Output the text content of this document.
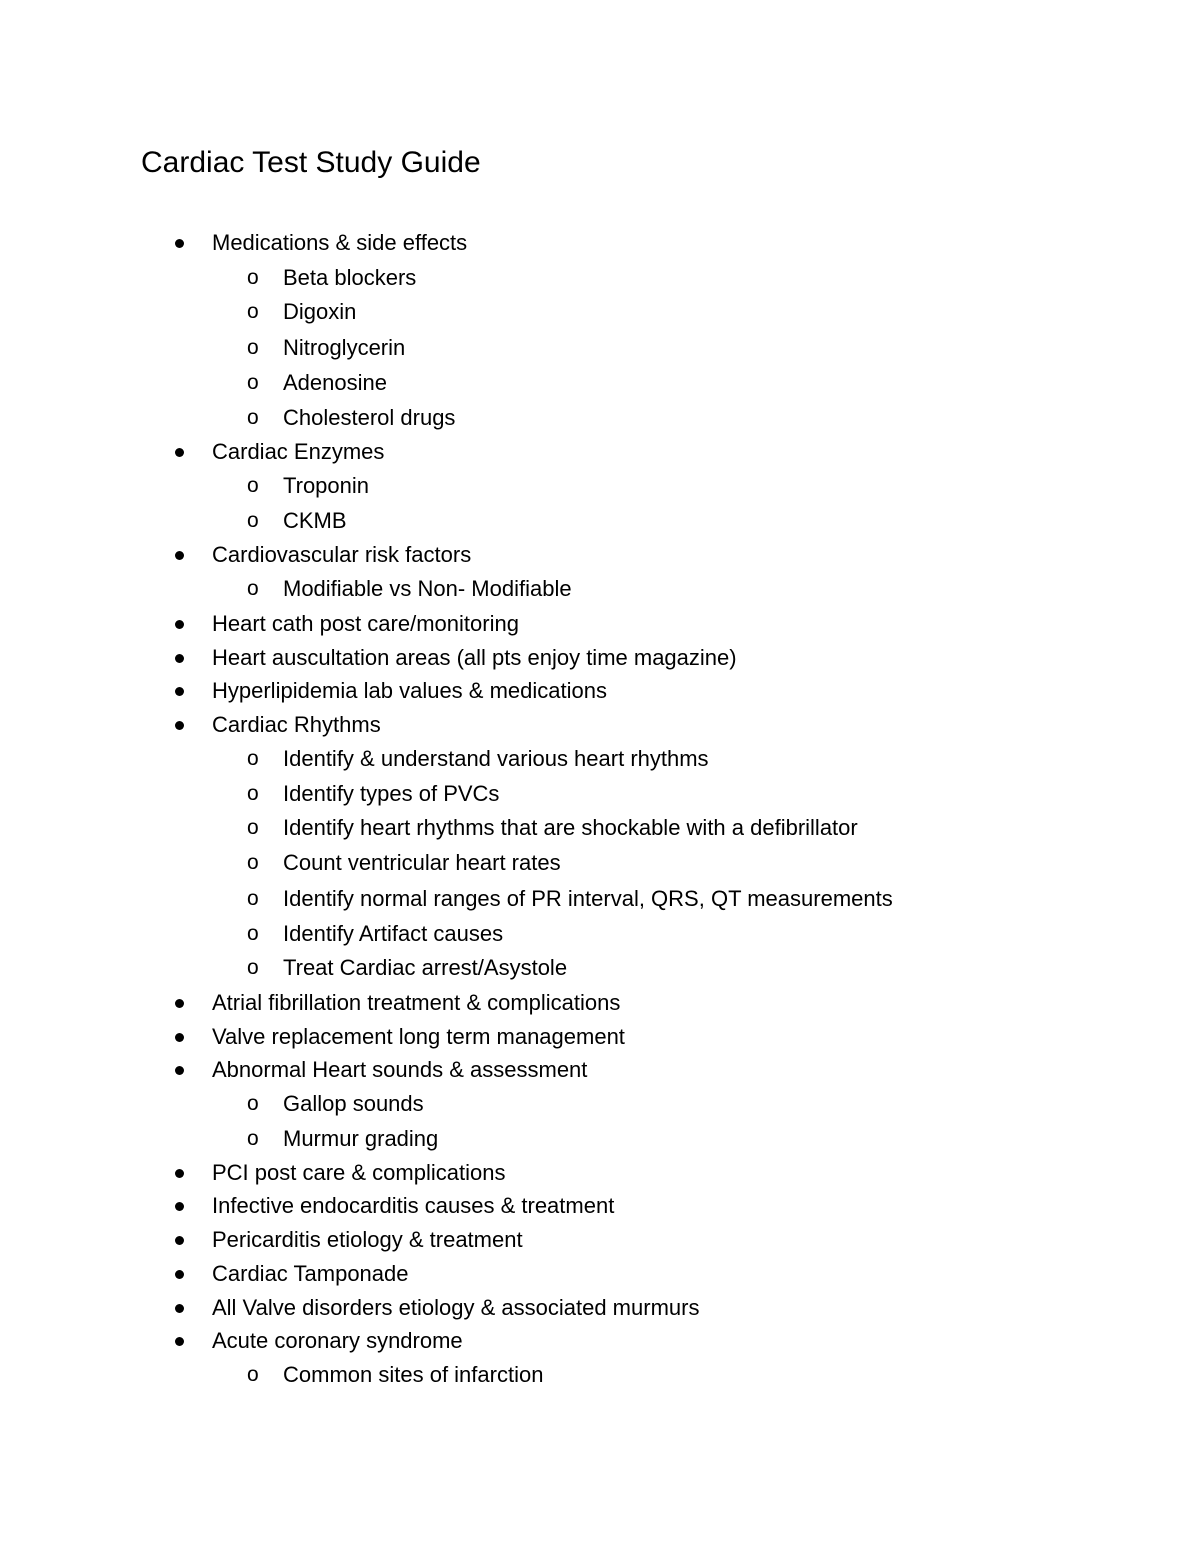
Cardiac Test Study Guide
Medications & side effects
o Beta blockers
o Digoxin
o Nitroglycerin
o Adenosine
o Cholesterol drugs
Cardiac Enzymes
o Troponin
o CKMB
Cardiovascular risk factors
o Modifiable vs Non- Modifiable
Heart cath post care/monitoring
Heart auscultation areas (all pts enjoy time magazine)
Hyperlipidemia lab values & medications
Cardiac Rhythms
o Identify & understand various heart rhythms
o Identify types of PVCs
o Identify heart rhythms that are shockable with a defibrillator
o Count ventricular heart rates
o Identify normal ranges of PR interval, QRS, QT measurements
o Identify Artifact causes
o Treat Cardiac arrest/Asystole
Atrial fibrillation treatment & complications
Valve replacement long term management
Abnormal Heart sounds & assessment
o Gallop sounds
o Murmur grading
PCI post care & complications
Infective endocarditis causes & treatment
Pericarditis etiology & treatment
Cardiac Tamponade
All Valve disorders etiology & associated murmurs
Acute coronary syndrome
o Common sites of infarction
